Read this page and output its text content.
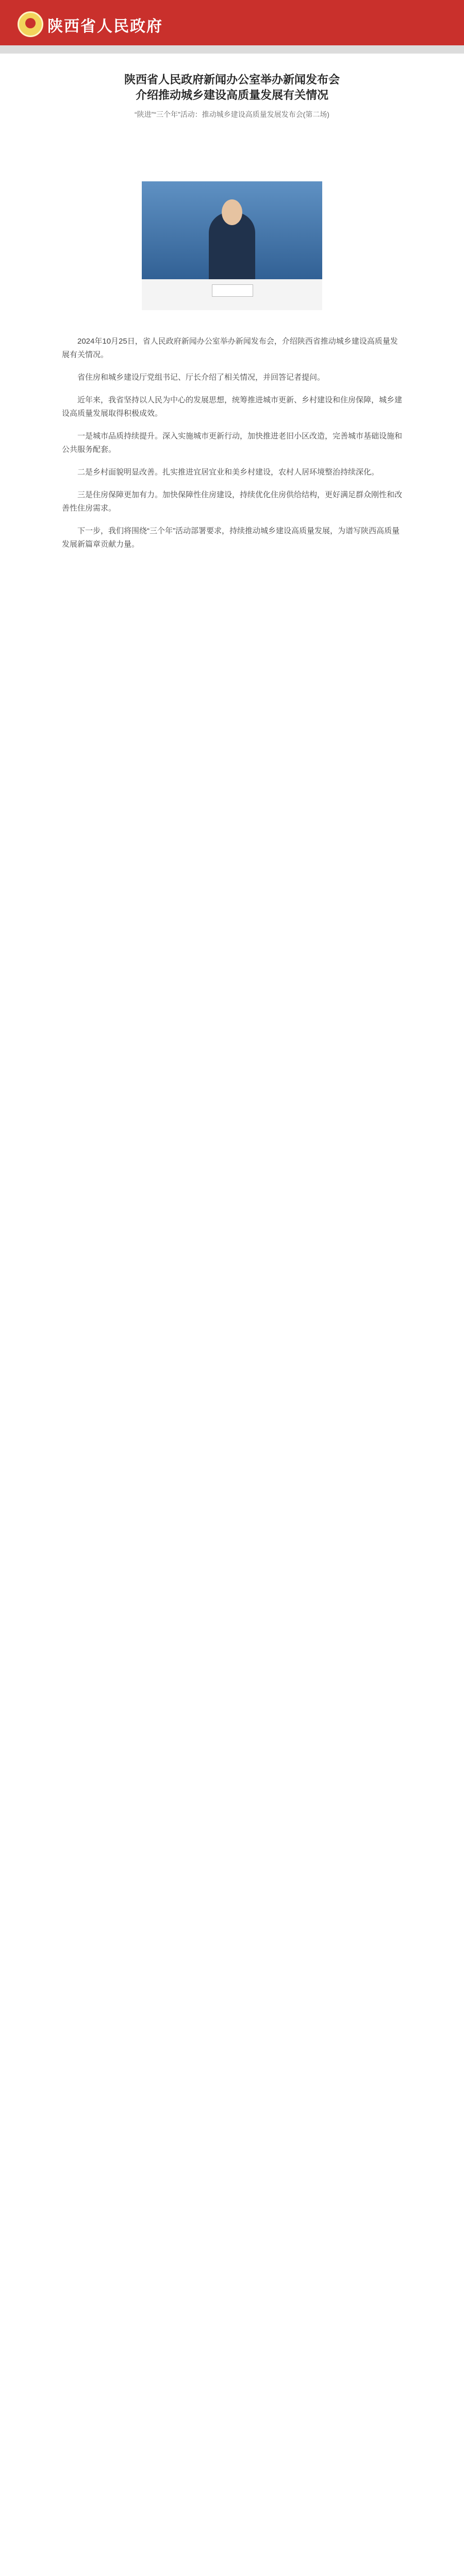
陕西省人民政府
陕西省人民政府新闻办公室举办新闻发布会
介绍推动城乡建设高质量发展有关情况
“陕进”“三个年”活动：推动城乡建设高质量发展发布会(第二场)

2024年10月25日，省人民政府新闻办公室举办新闻发布会，介绍陕西省推动城乡建设高质量发展有关情况。

省住房和城乡建设厅党组书记、厅长介绍了相关情况，并回答记者提问。

近年来，我省坚持以人民为中心的发展思想，统筹推进城市更新、乡村建设和住房保障，城乡建设高质量发展取得积极成效。

一是城市品质持续提升。深入实施城市更新行动，加快推进老旧小区改造，完善城市基础设施和公共服务配套。

二是乡村面貌明显改善。扎实推进宜居宜业和美乡村建设，农村人居环境整治持续深化。

三是住房保障更加有力。加快保障性住房建设，持续优化住房供给结构，更好满足群众刚性和改善性住房需求。

下一步，我们将围绕“三个年”活动部署要求，持续推动城乡建设高质量发展，为谱写陕西高质量发展新篇章贡献力量。
